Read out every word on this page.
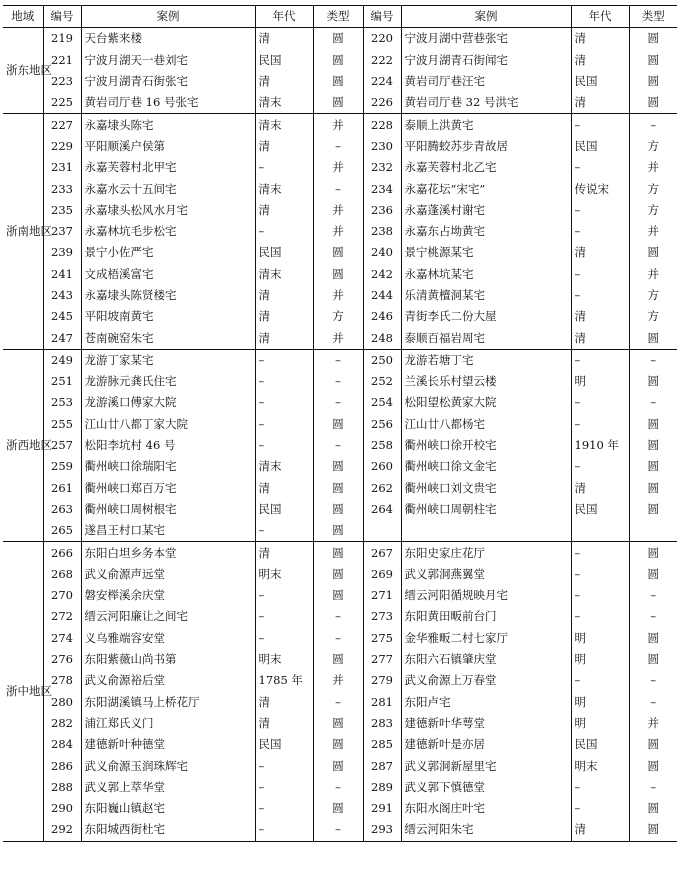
地域	编号	案例	年代	类型	编号	案例	年代	类型
浙东地区	219	天台紫来楼	清	圆	220	宁波月湖中营巷张宅	清	圆
	221	宁波月湖天一巷刘宅	民国	圆	222	宁波月湖青石街闻宅	清	圆
	223	宁波月湖青石街张宅	清	圆	224	黄岩司厅巷汪宅	民国	圆
	225	黄岩司厅巷 16 号张宅	清末	圆	226	黄岩司厅巷 32 号洪宅	清	圆
浙南地区	227	永嘉埭头陈宅	清末	并	228	泰顺上洪黄宅	–	–
	229	平阳顺溪户侯第	清	–	230	平阳腾蛟苏步青故居	民国	方
	231	永嘉芙蓉村北甲宅	–	并	232	永嘉芙蓉村北乙宅	–	并
	233	永嘉水云十五间宅	清末	–	234	永嘉花坛“宋宅”	传说宋	方
	235	永嘉埭头松风水月宅	清	并	236	永嘉蓬溪村谢宅	–	方
	237	永嘉林坑毛步松宅	–	并	238	永嘉东占坳黄宅	–	并
	239	景宁小佐严宅	民国	圆	240	景宁桃源某宅	清	圆
	241	文成梧溪富宅	清末	圆	242	永嘉林坑某宅	–	并
	243	永嘉埭头陈贤楼宅	清	并	244	乐清黄檀洞某宅	–	方
	245	平阳坡南黄宅	清	方	246	青街李氏二份大屋	清	方
	247	苍南碗窑朱宅	清	并	248	泰顺百福岩周宅	清	圆
浙西地区	249	龙游丁家某宅	–	–	250	龙游若塘丁宅	–	–
	251	龙游脉元龚氏住宅	–	–	252	兰溪长乐村望云楼	明	圆
	253	龙游溪口傅家大院	–	–	254	松阳望松黄家大院	–	–
	255	江山廿八都丁家大院	–	圆	256	江山廿八都杨宅	–	圆
	257	松阳李坑村 46 号	–	–	258	衢州峡口徐开校宅	1910 年	圆
	259	衢州峡口徐瑞阳宅	清末	圆	260	衢州峡口徐文金宅	–	圆
	261	衢州峡口郑百万宅	清	圆	262	衢州峡口刘文贵宅	清	圆
	263	衢州峡口周树根宅	民国	圆	264	衢州峡口周朝柱宅	民国	圆
	265	遂昌王村口某宅	–	圆				
浙中地区	266	东阳白坦乡务本堂	清	圆	267	东阳史家庄花厅	–	圆
	268	武义俞源声远堂	明末	圆	269	武义郭洞燕翼堂	–	圆
	270	磐安榉溪余庆堂	–	圆	271	缙云河阳循规映月宅	–	–
	272	缙云河阳廉让之间宅	–	–	273	东阳黄田畈前台门	–	–
	274	义乌雅端容安堂	–	–	275	金华雅畈二村七家厅	明	圆
	276	东阳紫薇山尚书第	明末	圆	277	东阳六石镇肇庆堂	明	圆
	278	武义俞源裕后堂	1785 年	并	279	武义俞源上万春堂	–	–
	280	东阳湖溪镇马上桥花厅	清	–	281	东阳卢宅	明	–
	282	浦江郑氏义门	清	圆	283	建德新叶华萼堂	明	并
	284	建德新叶种德堂	民国	圆	285	建德新叶是亦居	民国	圆
	286	武义俞源玉润珠辉宅	–	圆	287	武义郭洞新屋里宅	明末	圆
	288	武义郭上萃华堂	–	–	289	武义郭下慎德堂	–	–
	290	东阳巍山镇赵宅	–	圆	291	东阳水阁庄叶宅	–	圆
	292	东阳城西街杜宅	–	–	293	缙云河阳朱宅	清	圆
